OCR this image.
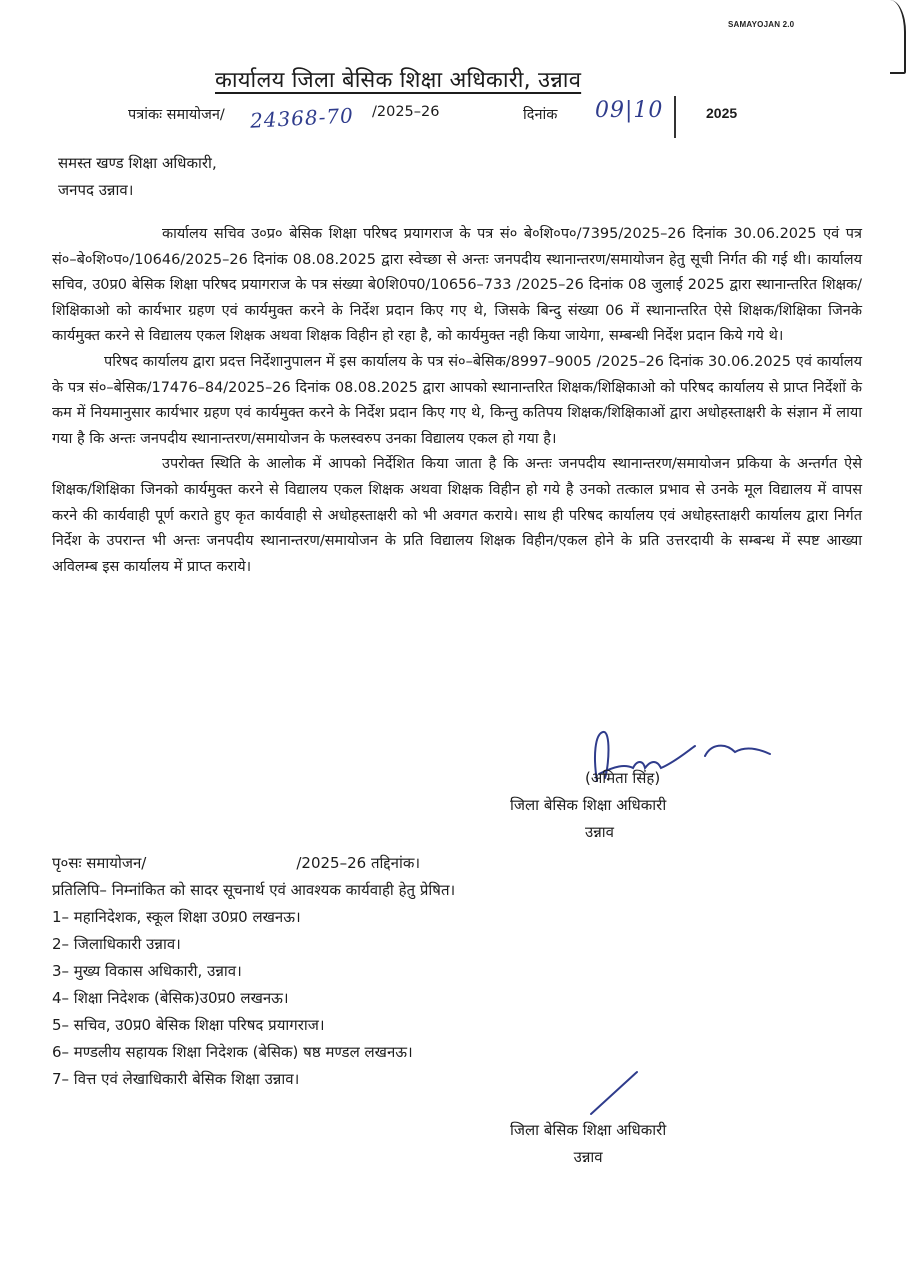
SAMAYOJAN 2.0
कार्यालय जिला बेसिक शिक्षा अधिकारी, उन्नाव
पत्रांकः समायोजन/ 24368-70 /2025–26	दिनांक 09|10	2025
समस्त खण्ड शिक्षा अधिकारी,
जनपद उन्नाव।

कार्यालय सचिव उ०प्र० बेसिक शिक्षा परिषद प्रयागराज के पत्र सं० बे०शि०प०/7395/2025–26 दिनांक 30.06.2025 एवं पत्र सं०–बे०शि०प०/10646/2025–26 दिनांक 08.08.2025 द्वारा स्वेच्छा से अन्तः जनपदीय स्थानान्तरण/समायोजन हेतु सूची निर्गत की गई थी। कार्यालय सचिव, उ0प्र0 बेसिक शिक्षा परिषद प्रयागराज के पत्र संख्या बे0शि0प0/10656–733 /2025–26 दिनांक 08 जुलाई 2025 द्वारा स्थानान्तरित शिक्षक/शिक्षिकाओ को कार्यभार ग्रहण एवं कार्यमुक्त करने के निर्देश प्रदान किए गए थे, जिसके बिन्दु संख्या 06 में स्थानान्तरित ऐसे शिक्षक/शिक्षिका जिनके कार्यमुक्त करने से विद्यालय एकल शिक्षक अथवा शिक्षक विहीन हो रहा है, को कार्यमुक्त नही किया जायेगा, सम्बन्धी निर्देश प्रदान किये गये थे।

परिषद कार्यालय द्वारा प्रदत्त निर्देशानुपालन में इस कार्यालय के पत्र सं०–बेसिक/8997–9005 /2025–26 दिनांक 30.06.2025 एवं कार्यालय के पत्र सं०–बेसिक/17476–84/2025–26 दिनांक 08.08.2025 द्वारा आपको स्थानान्तरित शिक्षक/शिक्षिकाओ को परिषद कार्यालय से प्राप्त निर्देशों के कम में नियमानुसार कार्यभार ग्रहण एवं कार्यमुक्त करने के निर्देश प्रदान किए गए थे, किन्तु कतिपय शिक्षक/शिक्षिकाओं द्वारा अधोहस्ताक्षरी के संज्ञान में लाया गया है कि अन्तः जनपदीय स्थानान्तरण/समायोजन के फलस्वरुप उनका विद्यालय एकल हो गया है।

उपरोक्त स्थिति के आलोक में आपको निर्देशित किया जाता है कि अन्तः जनपदीय स्थानान्तरण/समायोजन प्रकिया के अन्तर्गत ऐसे शिक्षक/शिक्षिका जिनको कार्यमुक्त करने से विद्यालय एकल शिक्षक अथवा शिक्षक विहीन हो गये है उनको तत्काल प्रभाव से उनके मूल विद्यालय में वापस करने की कार्यवाही पूर्ण कराते हुए कृत कार्यवाही से अधोहस्ताक्षरी को भी अवगत कराये। साथ ही परिषद कार्यालय एवं अधोहस्ताक्षरी कार्यालय द्वारा निर्गत निर्देश के उपरान्त भी अन्तः जनपदीय स्थानान्तरण/समायोजन के प्रति विद्यालय शिक्षक विहीन/एकल होने के प्रति उत्तरदायी के सम्बन्ध में स्पष्ट आख्या अविलम्ब इस कार्यालय में प्राप्त कराये।

(अमिता सिंह)
जिला बेसिक शिक्षा अधिकारी
उन्नाव
पृ०सः समायोजन/	/2025–26 तद्दिनांक।
प्रतिलिपि– निम्नांकित को सादर सूचनार्थ एवं आवश्यक कार्यवाही हेतु प्रेषित।
1– महानिदेशक, स्कूल शिक्षा उ0प्र0 लखनऊ।
2– जिलाधिकारी उन्नाव।
3– मुख्य विकास अधिकारी, उन्नाव।
4– शिक्षा निदेशक (बेसिक)उ0प्र0 लखनऊ।
5– सचिव, उ0प्र0 बेसिक शिक्षा परिषद प्रयागराज।
6– मण्डलीय सहायक शिक्षा निदेशक (बेसिक) षष्ठ मण्डल लखनऊ।
7– वित्त एवं लेखाधिकारी बेसिक शिक्षा उन्नाव।
जिला बेसिक शिक्षा अधिकारी
उन्नाव
